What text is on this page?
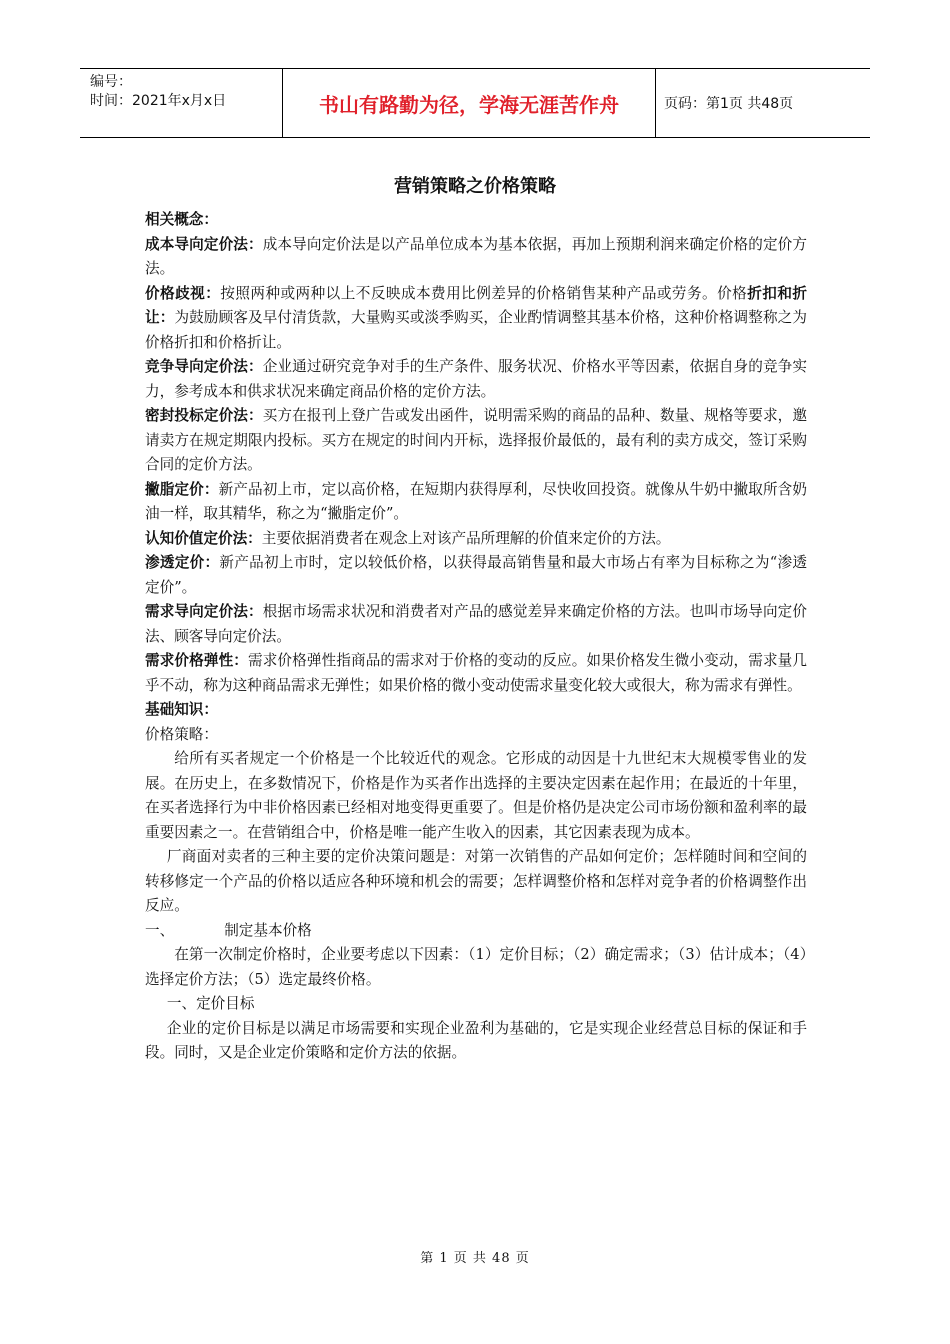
编号：
时间：2021年x月x日	书山有路勤为径，学海无涯苦作舟	页码：第1页 共48页
营销策略之价格策略

相关概念：

成本导向定价法：成本导向定价法是以产品单位成本为基本依据，再加上预期利润来确定价格的定价方法。

价格歧视：按照两种或两种以上不反映成本费用比例差异的价格销售某种产品或劳务。价格折扣和折让：为鼓励顾客及早付清货款，大量购买或淡季购买，企业酌情调整其基本价格，这种价格调整称之为价格折扣和价格折让。

竞争导向定价法：企业通过研究竞争对手的生产条件、服务状况、价格水平等因素，依据自身的竞争实力，参考成本和供求状况来确定商品价格的定价方法。

密封投标定价法：买方在报刊上登广告或发出函件，说明需采购的商品的品种、数量、规格等要求，邀请卖方在规定期限内投标。买方在规定的时间内开标，选择报价最低的，最有利的卖方成交，签订采购合同的定价方法。

撇脂定价：新产品初上市，定以高价格，在短期内获得厚利，尽快收回投资。就像从牛奶中撇取所含奶油一样，取其精华，称之为“撇脂定价”。

认知价值定价法：主要依据消费者在观念上对该产品所理解的价值来定价的方法。

渗透定价：新产品初上市时，定以较低价格，以获得最高销售量和最大市场占有率为目标称之为“渗透定价”。

需求导向定价法：根据市场需求状况和消费者对产品的感觉差异来确定价格的方法。也叫市场导向定价法、顾客导向定价法。

需求价格弹性：需求价格弹性指商品的需求对于价格的变动的反应。如果价格发生微小变动，需求量几乎不动，称为这种商品需求无弹性；如果价格的微小变动使需求量变化较大或很大，称为需求有弹性。

基础知识：

价格策略：

给所有买者规定一个价格是一个比较近代的观念。它形成的动因是十九世纪末大规模零售业的发展。在历史上，在多数情况下，价格是作为买者作出选择的主要决定因素在起作用；在最近的十年里，在买者选择行为中非价格因素已经相对地变得更重要了。但是价格仍是决定公司市场份额和盈利率的最重要因素之一。在营销组合中，价格是唯一能产生收入的因素，其它因素表现为成本。

厂商面对卖者的三种主要的定价决策问题是：对第一次销售的产品如何定价；怎样随时间和空间的转移修定一个产品的价格以适应各种环境和机会的需要；怎样调整价格和怎样对竞争者的价格调整作出反应。

一、	制定基本价格

在第一次制定价格时，企业要考虑以下因素：（1）定价目标；（2）确定需求；（3）估计成本；（4）选择定价方法；（5）选定最终价格。

一、定价目标

企业的定价目标是以满足市场需要和实现企业盈利为基础的，它是实现企业经营总目标的保证和手段。同时，又是企业定价策略和定价方法的依据。

第 1 页 共 48 页
